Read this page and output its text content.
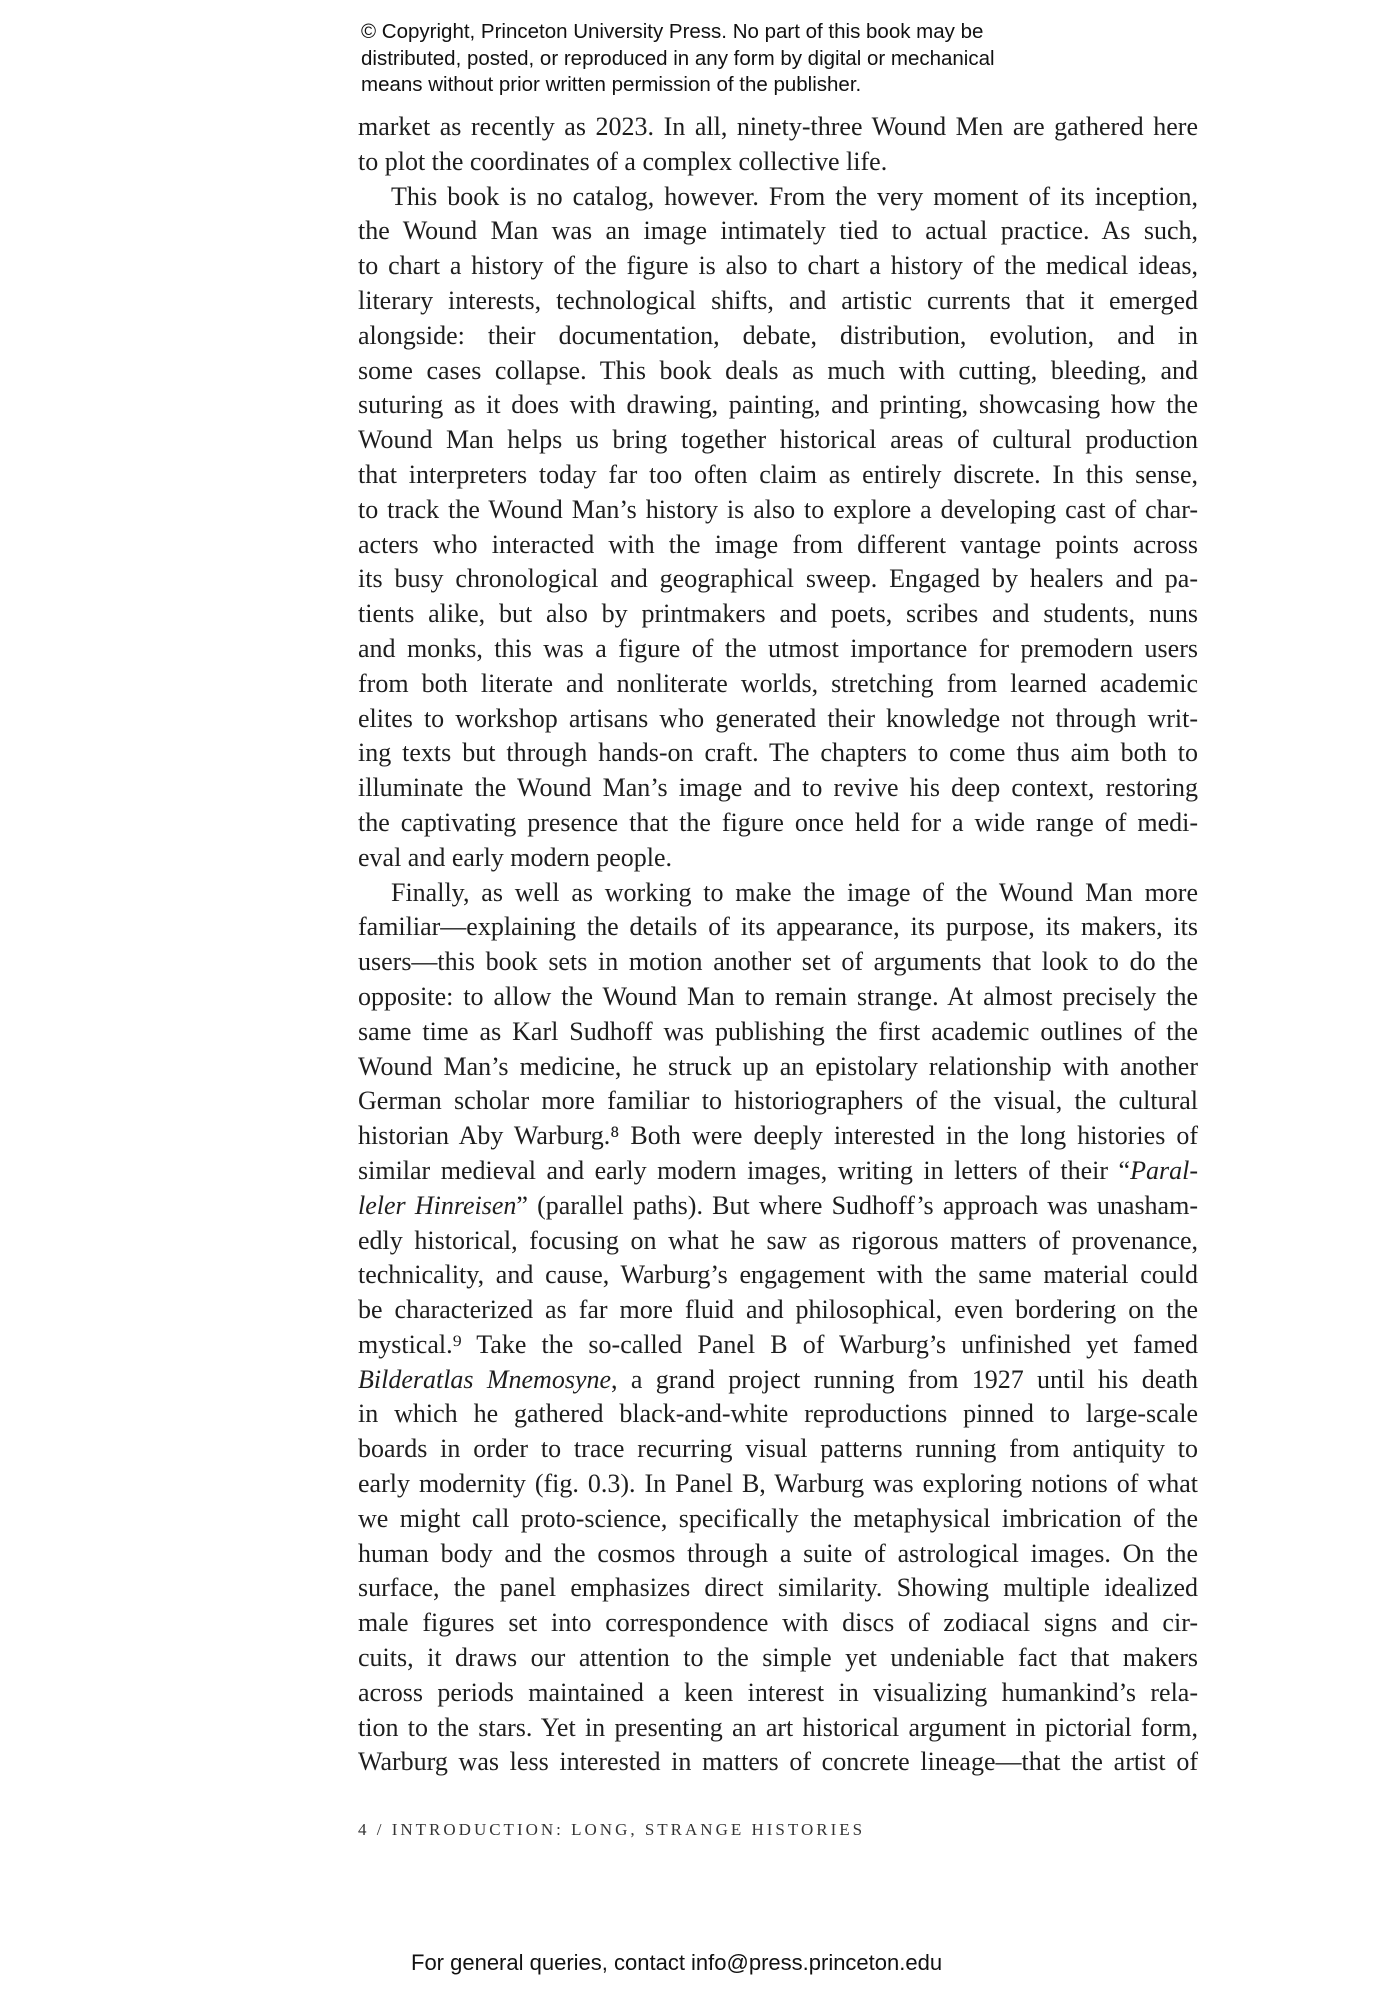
© Copyright, Princeton University Press. No part of this book may be
distributed, posted, or reproduced in any form by digital or mechanical
means without prior written permission of the publisher.
market as recently as 2023. In all, ninety-three Wound Men are gathered here
to plot the coordinates of a complex collective life.
This book is no catalog, however. From the very moment of its inception,
the Wound Man was an image intimately tied to actual practice. As such,
to chart a history of the figure is also to chart a history of the medical ideas,
literary interests, technological shifts, and artistic currents that it emerged
alongside: their documentation, debate, distribution, evolution, and in
some cases collapse. This book deals as much with cutting, bleeding, and
suturing as it does with drawing, painting, and printing, showcasing how the
Wound Man helps us bring together historical areas of cultural production
that interpreters today far too often claim as entirely discrete. In this sense,
to track the Wound Man’s history is also to explore a developing cast of char-
acters who interacted with the image from different vantage points across
its busy chronological and geographical sweep. Engaged by healers and pa-
tients alike, but also by printmakers and poets, scribes and students, nuns
and monks, this was a figure of the utmost importance for premodern users
from both literate and nonliterate worlds, stretching from learned academic
elites to workshop artisans who generated their knowledge not through writ-
ing texts but through hands-on craft. The chapters to come thus aim both to
illuminate the Wound Man’s image and to revive his deep context, restoring
the captivating presence that the figure once held for a wide range of medi-
eval and early modern people.
Finally, as well as working to make the image of the Wound Man more
familiar—explaining the details of its appearance, its purpose, its makers, its
users—this book sets in motion another set of arguments that look to do the
opposite: to allow the Wound Man to remain strange. At almost precisely the
same time as Karl Sudhoff was publishing the first academic outlines of the
Wound Man’s medicine, he struck up an epistolary relationship with another
German scholar more familiar to historiographers of the visual, the cultural
historian Aby Warburg.⁸ Both were deeply interested in the long histories of
similar medieval and early modern images, writing in letters of their “Paral-
leler Hinreisen” (parallel paths). But where Sudhoff’s approach was unasham-
edly historical, focusing on what he saw as rigorous matters of provenance,
technicality, and cause, Warburg’s engagement with the same material could
be characterized as far more fluid and philosophical, even bordering on the
mystical.⁹ Take the so-called Panel B of Warburg’s unfinished yet famed
Bilderatlas Mnemosyne, a grand project running from 1927 until his death
in which he gathered black-and-white reproductions pinned to large-scale
boards in order to trace recurring visual patterns running from antiquity to
early modernity (fig. 0.3). In Panel B, Warburg was exploring notions of what
we might call proto-science, specifically the metaphysical imbrication of the
human body and the cosmos through a suite of astrological images. On the
surface, the panel emphasizes direct similarity. Showing multiple idealized
male figures set into correspondence with discs of zodiacal signs and cir-
cuits, it draws our attention to the simple yet undeniable fact that makers
across periods maintained a keen interest in visualizing humankind’s rela-
tion to the stars. Yet in presenting an art historical argument in pictorial form,
Warburg was less interested in matters of concrete lineage—that the artist of
4 / INTRODUCTION: LONG, STRANGE HISTORIES
For general queries, contact info@press.princeton.edu
